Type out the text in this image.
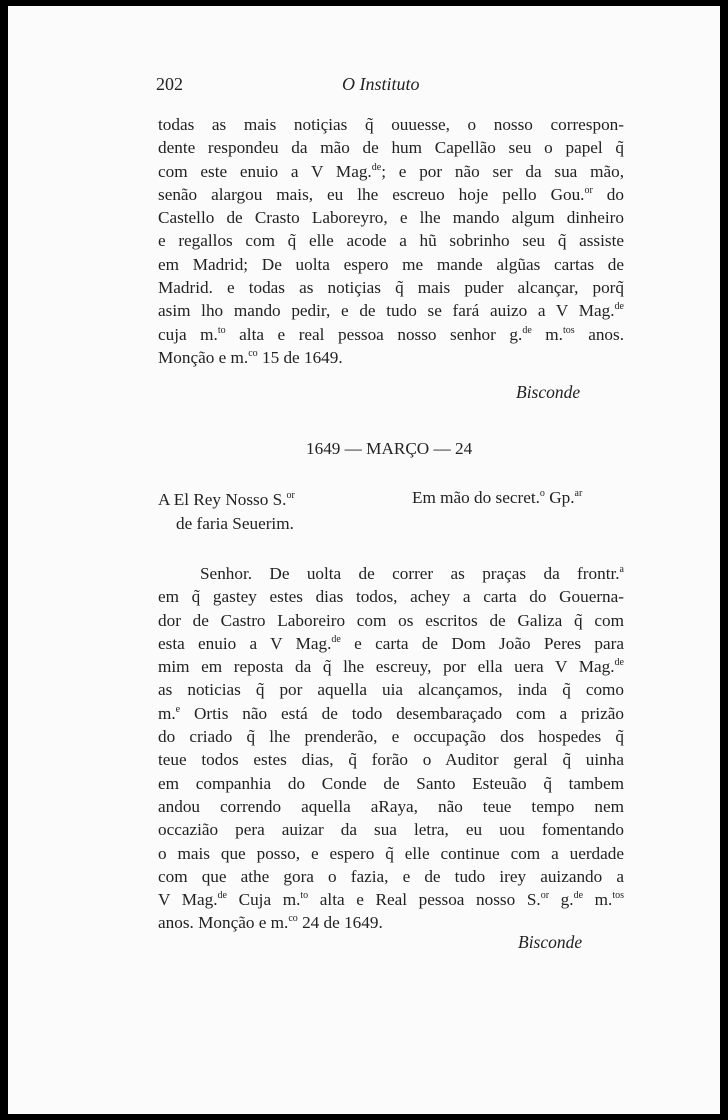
202	O Instituto

todas as mais notiçias q̃ ouuesse, o nosso correspon-
dente respondeu da mão de hum Capellão seu o papel q̃
com este enuio a V Mag.$^{de}$; e por não ser da sua mão,
senão alargou mais, eu lhe escreuo hoje pello Gou.$^{or}$ do
Castello de Crasto Laboreyro, e lhe mando algum dinheiro
e regallos com q̃ elle acode a hũ sobrinho seu q̃ assiste
em Madrid; De uolta espero me mande algũas cartas de
Madrid. e todas as notiçias q̃ mais puder alcançar, porq̃
asim lho mando pedir, e de tudo se fará auizo a V Mag.$^{de}$
cuja m.$^{to}$ alta e real pessoa nosso senhor g.$^{de}$ m.$^{tos}$ anos.
Monção e m.$^{co}$ 15 de 1649.

Bisconde
1649 — MARÇO — 24
A El Rey Nosso S.$^{or}$
de faria Seuerim.
Em mão do secret.$^o$ Gp.$^{ar}$

Senhor. De uolta de correr as praças da frontr.$^a$
em q̃ gastey estes dias todos, achey a carta do Gouerna-
dor de Castro Laboreiro com os escritos de Galiza q̃ com
esta enuio a V Mag.$^{de}$ e carta de Dom João Peres para
mim em reposta da q̃ lhe escreuy, por ella uera V Mag.$^{de}$
as noticias q̃ por aquella uia alcançamos, inda q̃ como
m.$^e$ Ortis não está de todo desembaraçado com a prizão
do criado q̃ lhe prenderão, e occupação dos hospedes q̃
teue todos estes dias, q̃ forão o Auditor geral q̃ uinha
em companhia do Conde de Santo Esteuão q̃ tambem
andou correndo aquella aRaya, não teue tempo nem
occazião pera auizar da sua letra, eu uou fomentando
o mais que posso, e espero q̃ elle continue com a uerdade
com que athe gora o fazia, e de tudo irey auizando a
V Mag.$^{de}$ Cuja m.$^{to}$ alta e Real pessoa nosso S.$^{or}$ g.$^{de}$ m.$^{tos}$
anos. Monção e m.$^{co}$ 24 de 1649.

Bisconde
